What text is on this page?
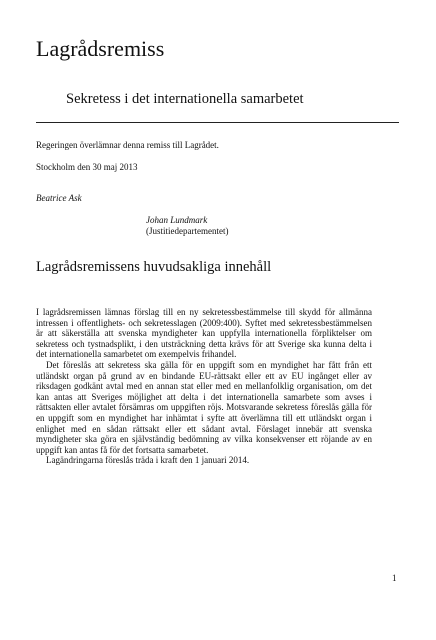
Lagrådsremiss
Sekretess i det internationella samarbetet
Regeringen överlämnar denna remiss till Lagrådet.
Stockholm den 30 maj 2013
Beatrice Ask
Johan Lundmark
(Justitiedepartementet)
Lagrådsremissens huvudsakliga innehåll

I lagrådsremissen lämnas förslag till en ny sekretessbestämmelse till skydd för allmänna intressen i offentlighets- och sekretesslagen (2009:400). Syftet med sekretessbestämmelsen är att säkerställa att svenska myndigheter kan uppfylla internationella förpliktelser om sekretess och tystnadsplikt, i den utsträckning detta krävs för att Sverige ska kunna delta i det internationella samarbetet om exempelvis frihandel.

Det föreslås att sekretess ska gälla för en uppgift som en myndighet har fått från ett utländskt organ på grund av en bindande EU-rättsakt eller ett av EU ingånget eller av riksdagen godkänt avtal med en annan stat eller med en mellanfolklig organisation, om det kan antas att Sveriges möjlighet att delta i det internationella samarbete som avses i rättsakten eller avtalet försämras om uppgiften röjs. Motsvarande sekretess föreslås gälla för en uppgift som en myndighet har inhämtat i syfte att överlämna till ett utländskt organ i enlighet med en sådan rättsakt eller ett sådant avtal. Förslaget innebär att svenska myndigheter ska göra en självständig bedömning av vilka konsekvenser ett röjande av en uppgift kan antas få för det fortsatta samarbetet.

Lagändringarna föreslås träda i kraft den 1 januari 2014.

1
